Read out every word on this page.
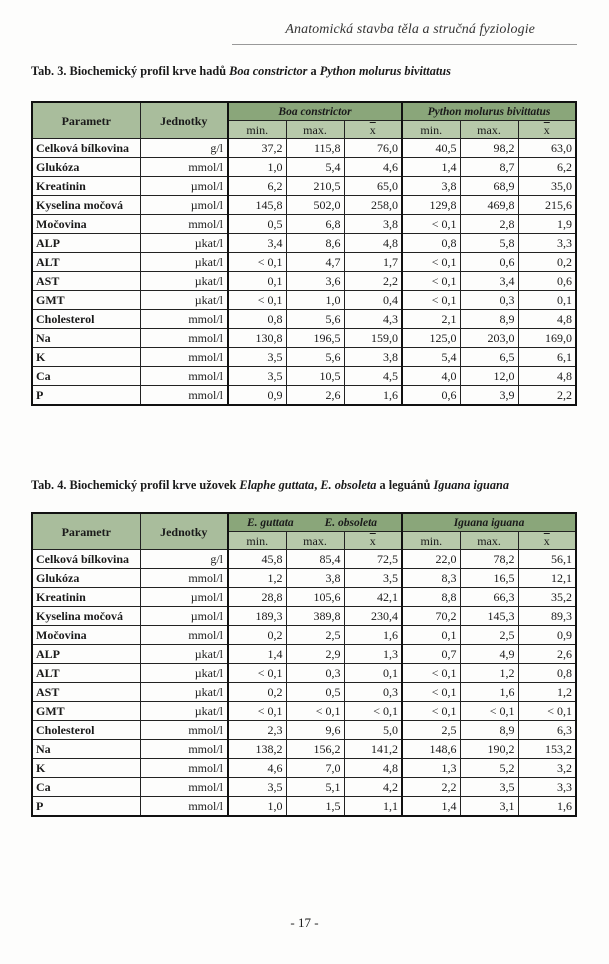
Anatomická stavba těla a stručná fyziologie
Tab. 3. Biochemický profil krve hadů Boa constrictor a Python molurus bivittatus
Parametr	Jednotky	Boa constrictor			Python molurus bivittatus		
		min.	max.	$\overline{x}$	min.	max.	$\overline{x}$
Celková bílkovina	g/l	37,2	115,8	76,0	40,5	98,2	63,0
Glukóza	mmol/l	1,0	5,4	4,6	1,4	8,7	6,2
Kreatinin	µmol/l	6,2	210,5	65,0	3,8	68,9	35,0
Kyselina močová	µmol/l	145,8	502,0	258,0	129,8	469,8	215,6
Močovina	mmol/l	0,5	6,8	3,8	< 0,1	2,8	1,9
ALP	µkat/l	3,4	8,6	4,8	0,8	5,8	3,3
ALT	µkat/l	< 0,1	4,7	1,7	< 0,1	0,6	0,2
AST	µkat/l	0,1	3,6	2,2	< 0,1	3,4	0,6
GMT	µkat/l	< 0,1	1,0	0,4	< 0,1	0,3	0,1
Cholesterol	mmol/l	0,8	5,6	4,3	2,1	8,9	4,8
Na	mmol/l	130,8	196,5	159,0	125,0	203,0	169,0
K	mmol/l	3,5	5,6	3,8	5,4	6,5	6,1
Ca	mmol/l	3,5	10,5	4,5	4,0	12,0	4,8
P	mmol/l	0,9	2,6	1,6	0,6	3,9	2,2
Tab. 4. Biochemický profil krve užovek Elaphe guttata, E. obsoleta a leguánů Iguana iguana
Parametr	Jednotky	E. guttata E. obsoleta			Iguana iguana		
		min.	max.	$\overline{x}$	min.	max.	$\overline{x}$
Celková bílkovina	g/l	45,8	85,4	72,5	22,0	78,2	56,1
Glukóza	mmol/l	1,2	3,8	3,5	8,3	16,5	12,1
Kreatinin	µmol/l	28,8	105,6	42,1	8,8	66,3	35,2
Kyselina močová	µmol/l	189,3	389,8	230,4	70,2	145,3	89,3
Močovina	mmol/l	0,2	2,5	1,6	0,1	2,5	0,9
ALP	µkat/l	1,4	2,9	1,3	0,7	4,9	2,6
ALT	µkat/l	< 0,1	0,3	0,1	< 0,1	1,2	0,8
AST	µkat/l	0,2	0,5	0,3	< 0,1	1,6	1,2
GMT	µkat/l	< 0,1	< 0,1	< 0,1	< 0,1	< 0,1	< 0,1
Cholesterol	mmol/l	2,3	9,6	5,0	2,5	8,9	6,3
Na	mmol/l	138,2	156,2	141,2	148,6	190,2	153,2
K	mmol/l	4,6	7,0	4,8	1,3	5,2	3,2
Ca	mmol/l	3,5	5,1	4,2	2,2	3,5	3,3
P	mmol/l	1,0	1,5	1,1	1,4	3,1	1,6
- 17 -
